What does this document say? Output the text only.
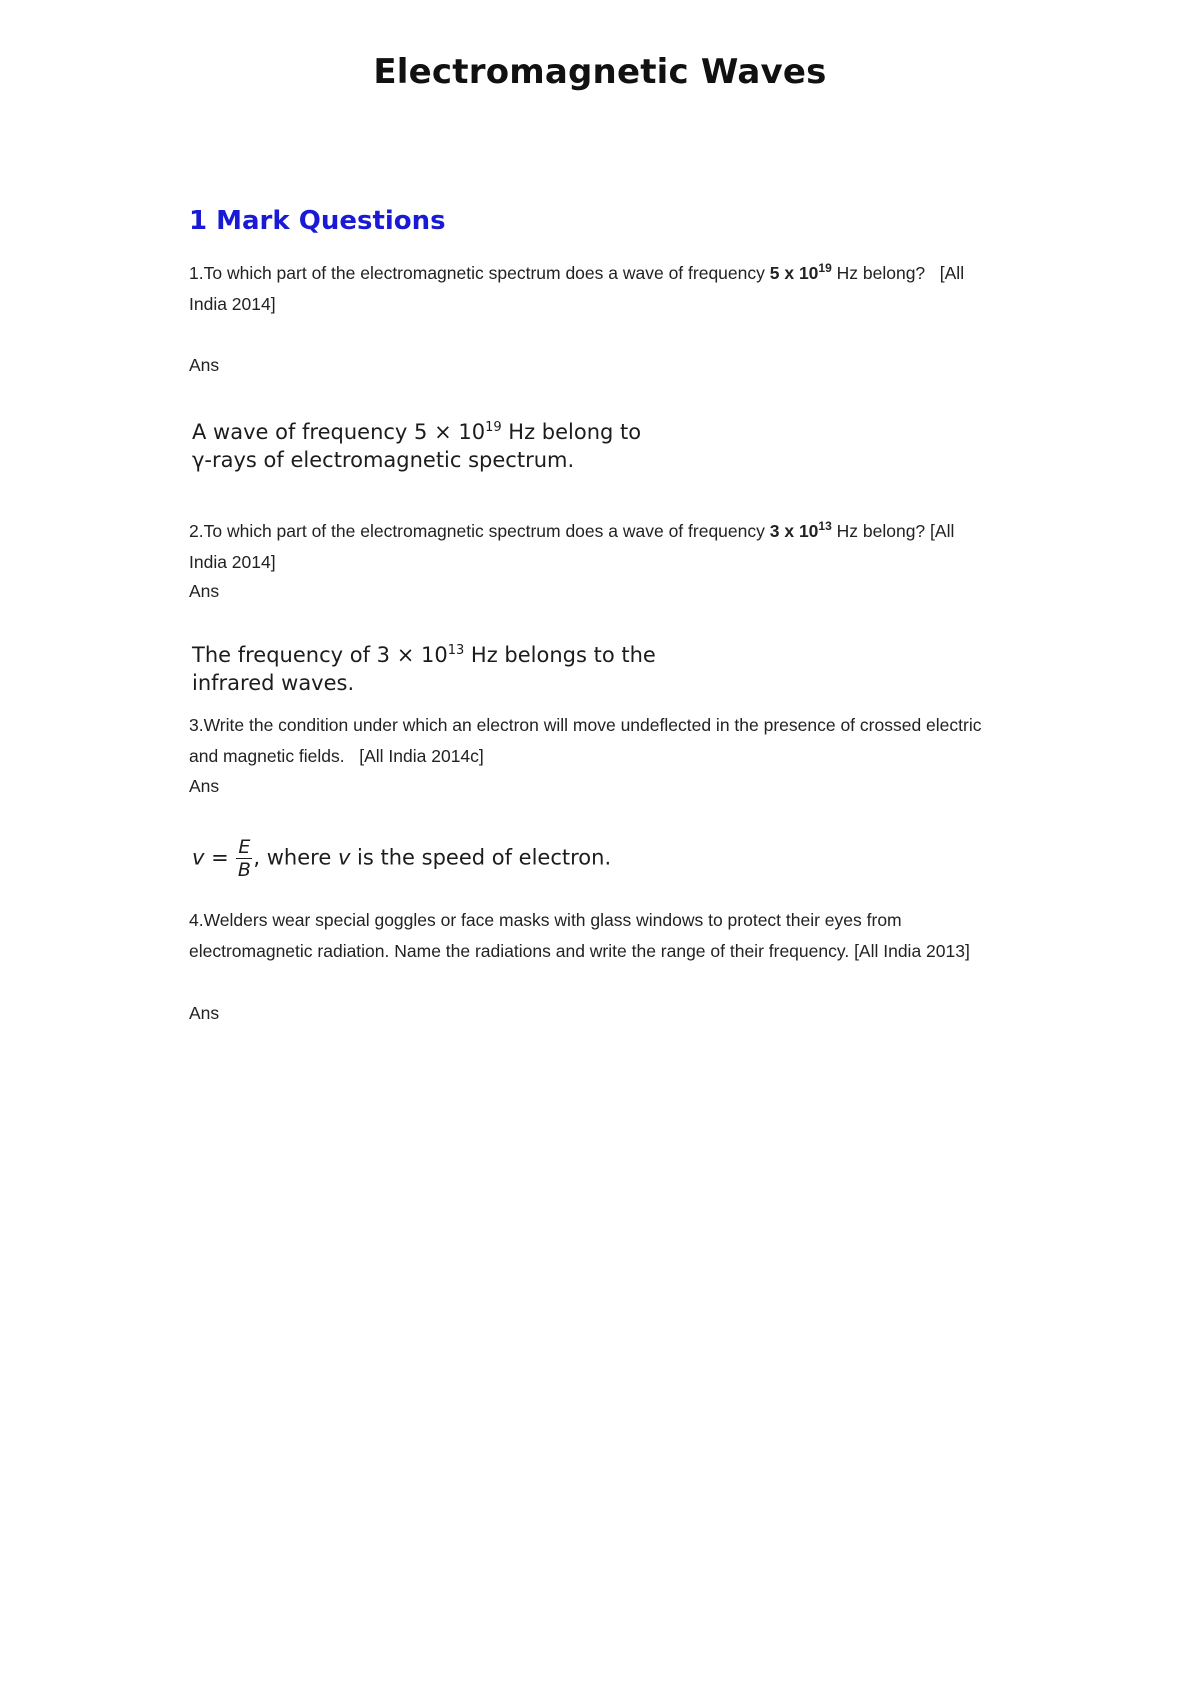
Electromagnetic Waves
1 Mark Questions
1.To which part of the electromagnetic spectrum does a wave of frequency 5 x $10^{19}$ Hz belong? [All India 2014]
Ans
A wave of frequency $5 \times 10^{19}$ Hz belong to
γ-rays of electromagnetic spectrum.
2.To which part of the electromagnetic spectrum does a wave of frequency 3 x $10^{13}$ Hz belong? [All India 2014]
Ans
The frequency of $3 \times 10^{13}$ Hz belongs to the
infrared waves.
3.Write the condition under which an electron will move undeflected in the presence of crossed electric and magnetic fields. [All India 2014c]
Ans
$v = \frac{E}{B}$ , where v is the speed of electron.
4.Welders wear special goggles or face masks with glass windows to protect their eyes from electromagnetic radiation. Name the radiations and write the range of their frequency. [All India 2013]
Ans
